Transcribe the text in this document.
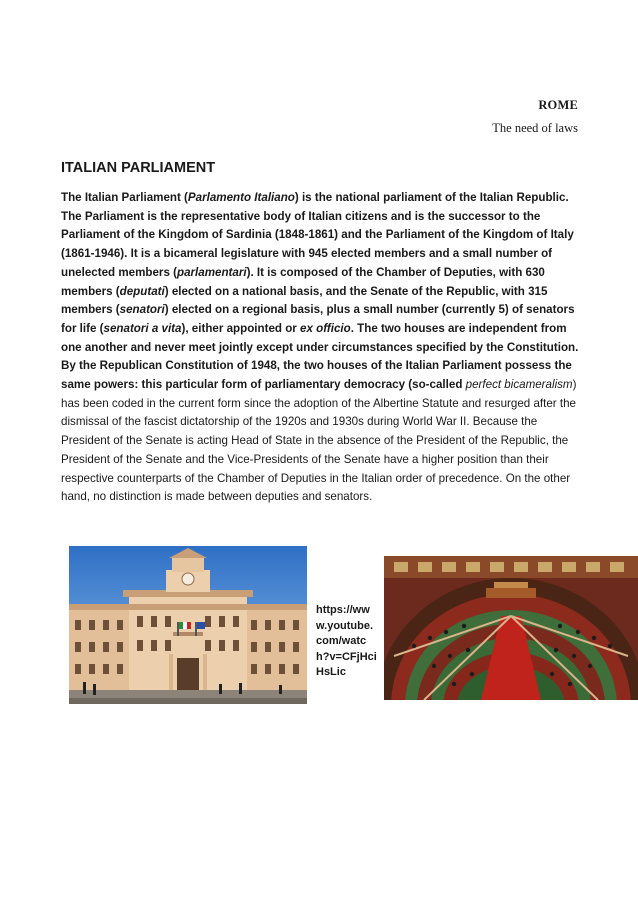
ROME
The need of laws
ITALIAN PARLIAMENT
The Italian Parliament (Parlamento Italiano) is the national parliament of the Italian Republic. The Parliament is the representative body of Italian citizens and is the successor to the Parliament of the Kingdom of Sardinia (1848-1861) and the Parliament of the Kingdom of Italy (1861-1946). It is a bicameral legislature with 945 elected members and a small number of unelected members (parlamentari). It is composed of the Chamber of Deputies, with 630 members (deputati) elected on a national basis, and the Senate of the Republic, with 315 members (senatori) elected on a regional basis, plus a small number (currently 5) of senators for life (senatori a vita), either appointed or ex officio. The two houses are independent from one another and never meet jointly except under circumstances specified by the Constitution. By the Republican Constitution of 1948, the two houses of the Italian Parliament possess the same powers: this particular form of parliamentary democracy (so-called perfect bicameralism) has been coded in the current form since the adoption of the Albertine Statute and resurged after the dismissal of the fascist dictatorship of the 1920s and 1930s during World War II. Because the President of the Senate is acting Head of State in the absence of the President of the Republic, the President of the Senate and the Vice-Presidents of the Senate have a higher position than their respective counterparts of the Chamber of Deputies in the Italian order of precedence. On the other hand, no distinction is made between deputies and senators.
https://www.youtube.com/watch?v=CFjHciHsLic
